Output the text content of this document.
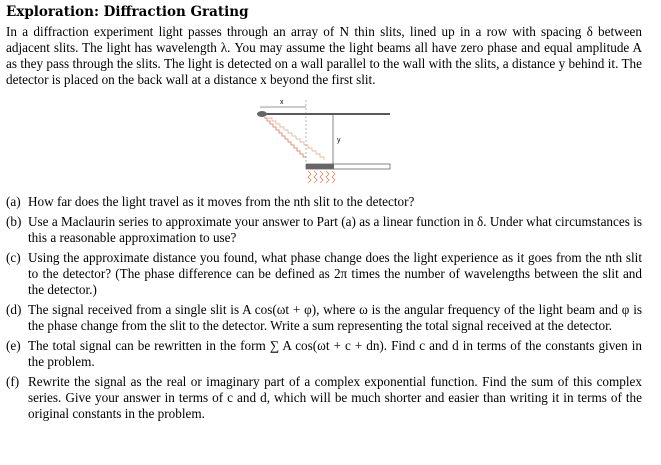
Exploration: Diffraction Grating

In a diffraction experiment light passes through an array of N thin slits, lined up in a row with spacing δ between adjacent slits. The light has wavelength λ. You may assume the light beams all have zero phase and equal amplitude A as they pass through the slits. The light is detected on a wall parallel to the wall with the slits, a distance y behind it. The detector is placed on the back wall at a distance x beyond the first slit.

x
y
(a) How far does the light travel as it moves from the nth slit to the detector?
(b) Use a Maclaurin series to approximate your answer to Part (a) as a linear function in δ. Under what circumstances is this a reasonable approximation to use?
(c) Using the approximate distance you found, what phase change does the light experience as it goes from the nth slit to the detector? (The phase difference can be defined as 2π times the number of wavelengths between the slit and the detector.)
(d) The signal received from a single slit is A cos(ωt + φ), where ω is the angular frequency of the light beam and φ is the phase change from the slit to the detector. Write a sum representing the total signal received at the detector.
(e) The total signal can be rewritten in the form ∑ A cos(ωt + c + dn). Find c and d in terms of the constants given in the problem.
(f) Rewrite the signal as the real or imaginary part of a complex exponential function. Find the sum of this complex series. Give your answer in terms of c and d, which will be much shorter and easier than writing it in terms of the original constants in the problem.
